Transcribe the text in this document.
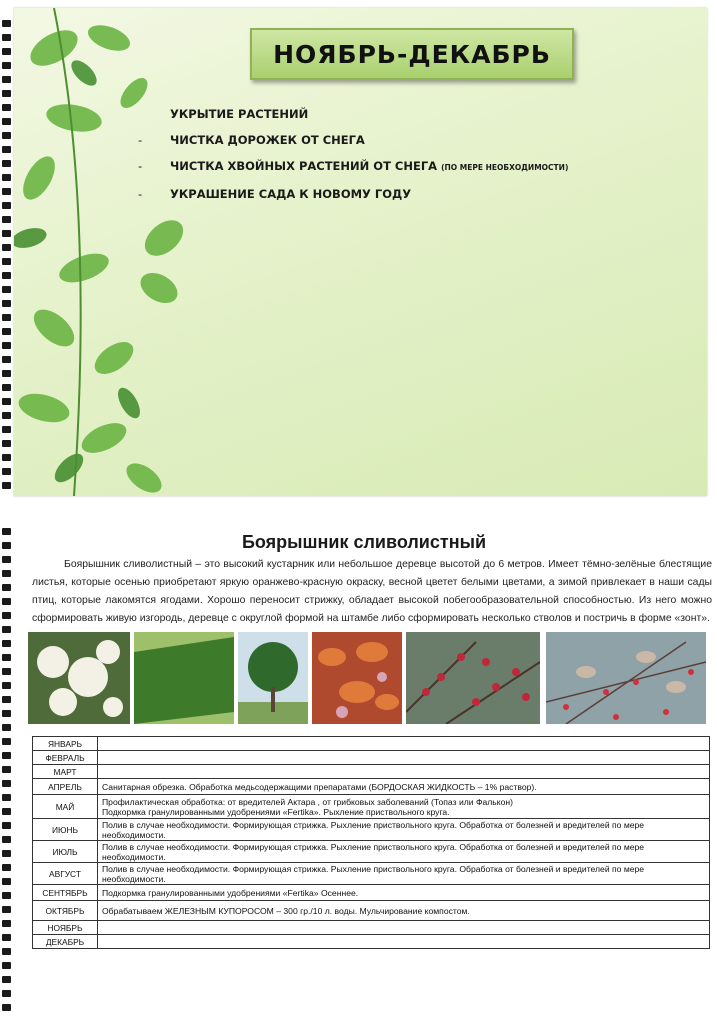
НОЯБРЬ-ДЕКАБРЬ
УКРЫТИЕ РАСТЕНИЙ
- ЧИСТКА ДОРОЖЕК ОТ СНЕГА
- ЧИСТКА ХВОЙНЫХ РАСТЕНИЙ ОТ СНЕГА (ПО МЕРЕ НЕОБХОДИМОСТИ)
- УКРАШЕНИЕ САДА К НОВОМУ ГОДУ
Боярышник сливолистный

Боярышник сливолистный – это высокий кустарник или небольшое деревце высотой до 6 метров. Имеет тёмно-зелёные блестящие листья, которые осенью приобретают яркую оранжево-красную окраску, весной цветет белыми цветами, а зимой привлекает в наши сады птиц, которые лакомятся ягодами. Хорошо переносит стрижку, обладает высокой побегообразовательной способностью. Из него можно сформировать живую изгородь, деревце с округлой формой на штамбе либо сформировать несколько стволов и постричь в форме «зонт».

ЯНВАРЬ	
ФЕВРАЛЬ	
МАРТ	
АПРЕЛЬ	Санитарная обрезка. Обработка медьсодержащими препаратами (БОРДОСКАЯ ЖИДКОСТЬ – 1% раствор).
МАЙ	Профилактическая обработка: от вредителей Актара , от грибковых заболеваний (Топаз или Фалькон)
Подкормка гранулированными удобрениями «Fertika». Рыхление приствольного круга.
ИЮНЬ	Полив в случае необходимости. Формирующая стрижка. Рыхление приствольного круга. Обработка от болезней и вредителей по мере необходимости.
ИЮЛЬ	Полив в случае необходимости. Формирующая стрижка. Рыхление приствольного круга. Обработка от болезней и вредителей по мере необходимости.
АВГУСТ	Полив в случае необходимости. Формирующая стрижка. Рыхление приствольного круга. Обработка от болезней и вредителей по мере необходимости.
СЕНТЯБРЬ	Подкормка гранулированными удобрениями «Fertika» Осеннее.
ОКТЯБРЬ	Обрабатываем ЖЕЛЕЗНЫМ КУПОРОСОМ – 300 гр./10 л. воды. Мульчирование компостом.
НОЯБРЬ	
ДЕКАБРЬ	
